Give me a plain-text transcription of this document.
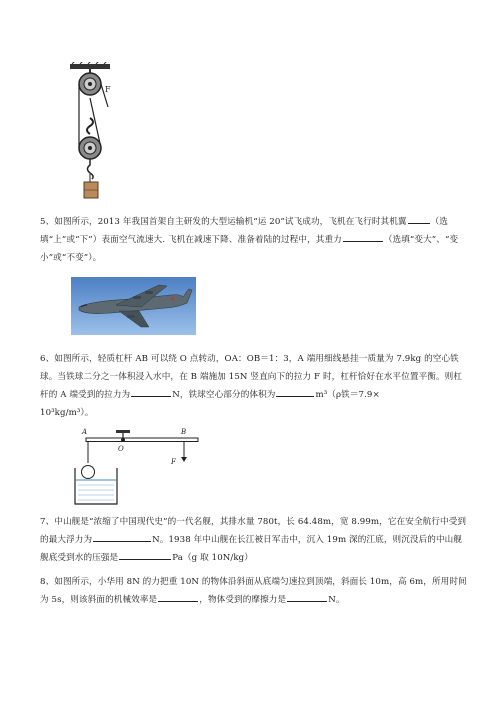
F
5、如图所示，2013 年我国首架自主研发的大型运输机“运 20”试飞成功，飞机在飞行时其机翼	（选填“上”或“下”）表面空气流速大. 飞机在减速下降、准备着陆的过程中，其重力	（选填“变大”、“变小”或“不变”）。
6、如图所示，轻质杠杆 AB 可以绕 O 点转动，OA：OB＝1：3，A 端用细线悬挂一质量为 7.9kg 的空心铁球。当铁球二分之一体积浸入水中，在 B 端施加 15N 竖直向下的拉力 F 时，杠杆恰好在水平位置平衡。则杠杆的 A 端受到的拉力为	N，铁球空心部分的体积为	m³（ρ铁＝7.9×
10³kg/m³）。
A
O
B
F
7、中山舰是“浓缩了中国现代史”的一代名舰，其排水量 780t，长 64.48m，宽 8.99m，它在安全航行中受到的最大浮力为	N。1938 年中山舰在长江被日军击中，沉入 19m 深的江底，则沉没后的中山舰舰底受到水的压强是	Pa（g 取 10N/kg）
8、如图所示，小华用 8N 的力把重 10N 的物体沿斜面从底端匀速拉到顶端，斜面长 10m，高 6m，所用时间为 5s，则该斜面的机械效率是	，物体受到的摩擦力是	N。
